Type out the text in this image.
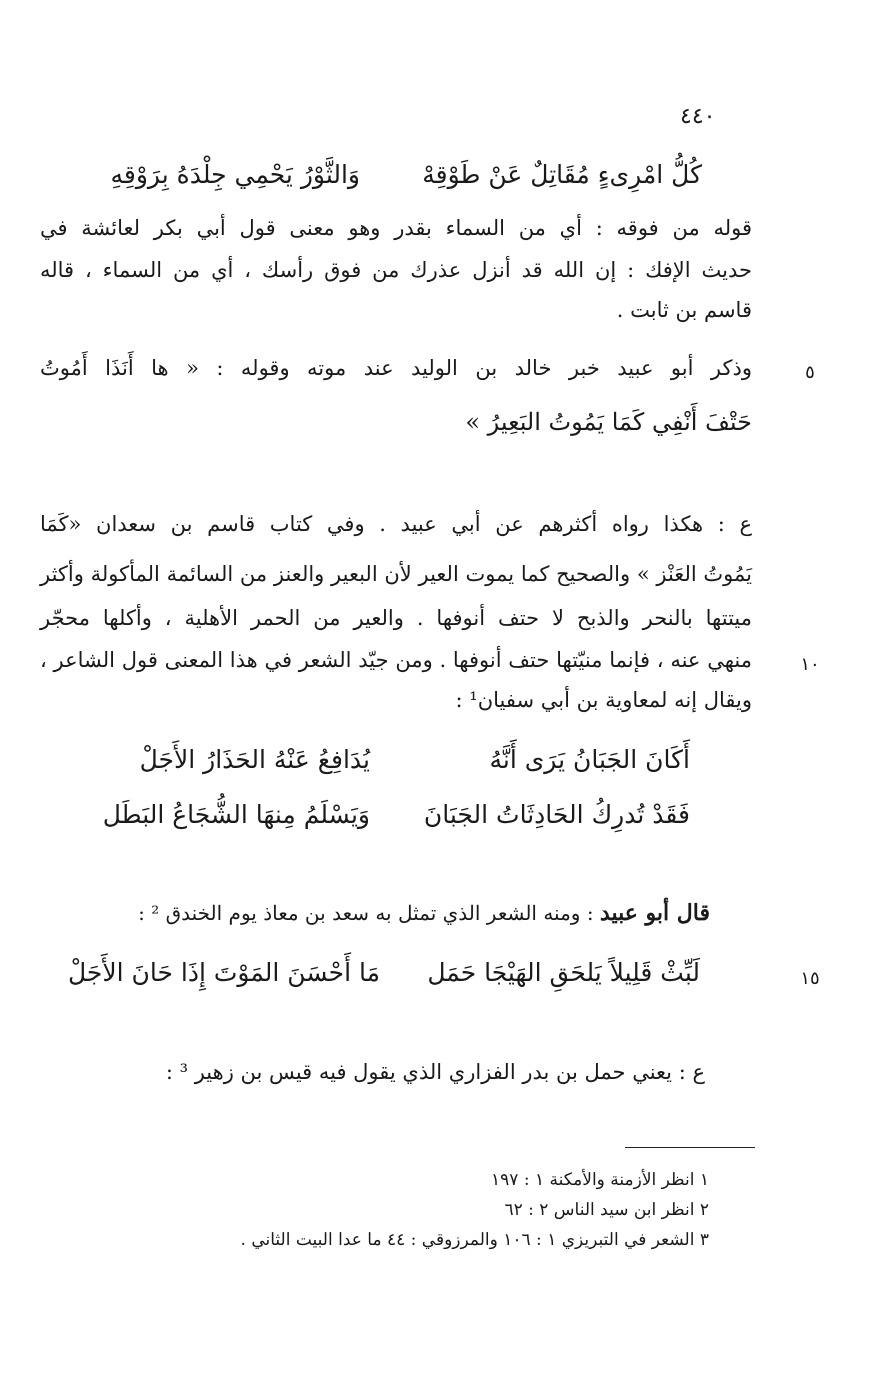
٤٤٠
كُلُّ امْرِىءٍ مُقَاتِلٌ عَنْ طَوْقِهْ
وَالثَّوْرُ يَحْمِي جِلْدَهُ بِرَوْقِهِ
قوله من فوقه : أي من السماء بقدر وهو معنى قول أبي بكر لعائشة في
حديث الإفك : إن الله قد أنزل عذرك من فوق رأسك ، أي من السماء ، قاله
قاسم بن ثابت .
٥
وذكر أبو عبيد خبر خالد بن الوليد عند موته وقوله : « ها أَنَذَا أَمُوتُ
حَتْفَ أَنْفِي كَمَا يَمُوتُ البَعِيرُ »
ع : هكذا رواه أكثرهم عن أبي عبيد . وفي كتاب قاسم بن سعدان «كَمَا
يَمُوتُ العَنْز » والصحيح كما يموت العير لأن البعير والعنز من السائمة المأكولة وأكثر
ميتتها بالنحر والذبح لا حتف أنوفها . والعير من الحمر الأهلية ، وأكلها محجّر
١٠
منهي عنه ، فإنما منيّتها حتف أنوفها . ومن جيّد الشعر في هذا المعنى قول الشاعر ،
ويقال إنه لمعاوية بن أبي سفيان¹ :
أَكَانَ الجَبَانُ يَرَى أَنَّهُ
يُدَافِعُ عَنْهُ الحَذَارُ الأَجَلْ
فَقَدْ تُدرِكُ الحَادِثَاتُ الجَبَانَ
وَيَسْلَمُ مِنهَا الشُّجَاعُ البَطَل
قال أبو عبيد : ومنه الشعر الذي تمثل به سعد بن معاذ يوم الخندق ² :
١٥
لَبِّثْ قَلِيلاً يَلحَقِ الهَيْجَا حَمَل
مَا أَحْسَنَ المَوْتَ إِذَا حَانَ الأَجَلْ
ع : يعني حمل بن بدر الفزاري الذي يقول فيه قيس بن زهير ³ :
١ انظر الأزمنة والأمكنة ١ : ١٩٧
٢ انظر ابن سيد الناس ٢ : ٦٢
٣ الشعر في التبريزي ١ : ١٠٦ والمرزوقي : ٤٤ ما عدا البيت الثاني .
